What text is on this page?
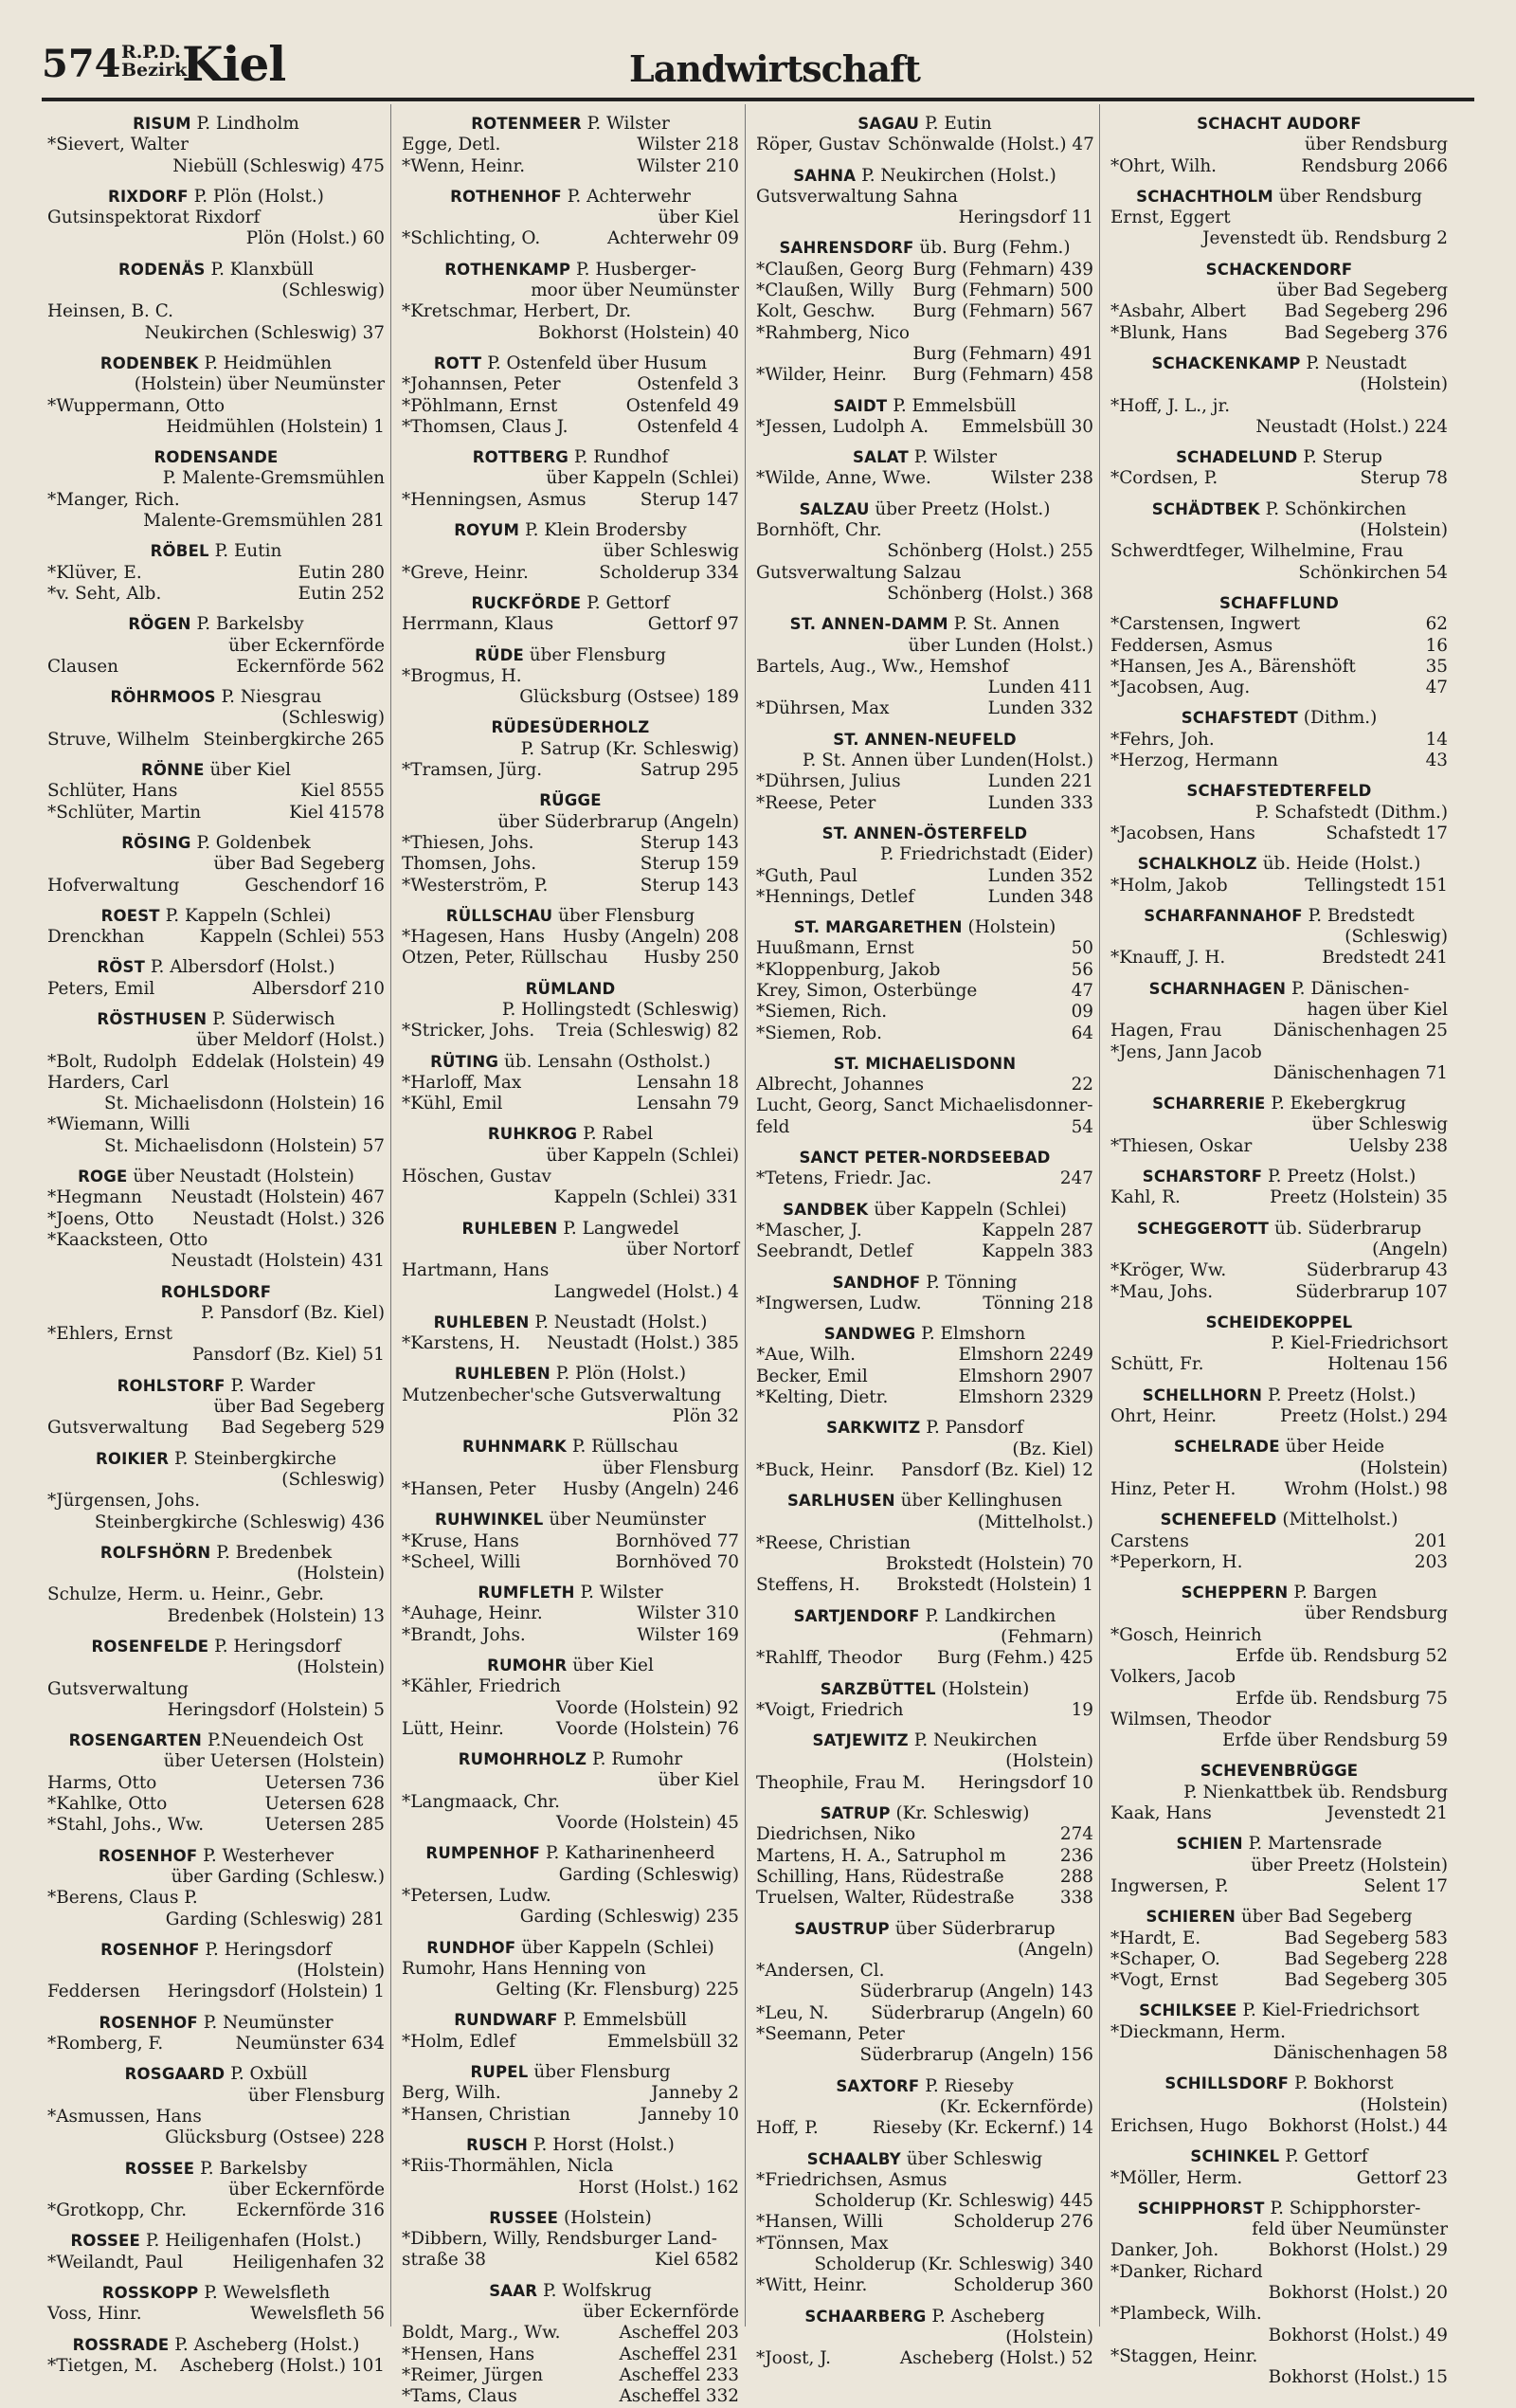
574 R.P.D.
Bezirk
Kiel	Landwirtschaft
RISUM P. Lindholm
*Sievert, Walter
Niebüll (Schleswig) 475
RIXDORF P. Plön (Holst.)
Gutsinspektorat Rixdorf
Plön (Holst.) 60
RODENÄS P. Klanxbüll
(Schleswig)
Heinsen, B. C.
Neukirchen (Schleswig) 37
RODENBEK P. Heidmühlen
(Holstein) über Neumünster
*Wuppermann, Otto
Heidmühlen (Holstein) 1
RODENSANDE
P. Malente-Gremsmühlen
*Manger, Rich.
Malente-Gremsmühlen 281
RÖBEL P. Eutin
*Klüver, E.	Eutin 280
*v. Seht, Alb.	Eutin 252
RÖGEN P. Barkelsby
über Eckernförde
Clausen	Eckernförde 562
RÖHRMOOS P. Niesgrau
(Schleswig)
Struve, Wilhelm Steinbergkirche 265
RÖNNE über Kiel
Schlüter, Hans	Kiel 8555
*Schlüter, Martin	Kiel 41578
RÖSING P. Goldenbek
über Bad Segeberg
Hofverwaltung	Geschendorf 16
ROEST P. Kappeln (Schlei)
Drenckhan	Kappeln (Schlei) 553
RÖST P. Albersdorf (Holst.)
Peters, Emil	Albersdorf 210
RÖSTHUSEN P. Süderwisch
über Meldorf (Holst.)
*Bolt, Rudolph Eddelak (Holstein) 49
Harders, Carl
St. Michaelisdonn (Holstein) 16
*Wiemann, Willi
St. Michaelisdonn (Holstein) 57
ROGE über Neustadt (Holstein)
*Hegmann	Neustadt (Holstein) 467
*Joens, Otto	Neustadt (Holst.) 326
*Kaacksteen, Otto
Neustadt (Holstein) 431
ROHLSDORF
P. Pansdorf (Bz. Kiel)
*Ehlers, Ernst
Pansdorf (Bz. Kiel) 51
ROHLSTORF P. Warder
über Bad Segeberg
Gutsverwaltung	Bad Segeberg 529
ROIKIER P. Steinbergkirche
(Schleswig)
*Jürgensen, Johs.
Steinbergkirche (Schleswig) 436
ROLFSHÖRN P. Bredenbek
(Holstein)
Schulze, Herm. u. Heinr., Gebr.
Bredenbek (Holstein) 13
ROSENFELDE P. Heringsdorf
(Holstein)
Gutsverwaltung
Heringsdorf (Holstein) 5
ROSENGARTEN P.Neuendeich Ost
über Uetersen (Holstein)
Harms, Otto	Uetersen 736
*Kahlke, Otto	Uetersen 628
*Stahl, Johs., Ww.	Uetersen 285
ROSENHOF P. Westerhever
über Garding (Schlesw.)
*Berens, Claus P.
Garding (Schleswig) 281
ROSENHOF P. Heringsdorf
(Holstein)
Feddersen	Heringsdorf (Holstein) 1
ROSENHOF P. Neumünster
*Romberg, F.	Neumünster 634
ROSGAARD P. Oxbüll
über Flensburg
*Asmussen, Hans
Glücksburg (Ostsee) 228
ROSSEE P. Barkelsby
über Eckernförde
*Grotkopp, Chr.	Eckernförde 316
ROSSEE P. Heiligenhafen (Holst.)
*Weilandt, Paul	Heiligenhafen 32
ROSSKOPP P. Wewelsfleth
Voss, Hinr.	Wewelsfleth 56
ROSSRADE P. Ascheberg (Holst.)
*Tietgen, M.	Ascheberg (Holst.) 101
ROTENMEER P. Wilster
Egge, Detl.	Wilster 218
*Wenn, Heinr.	Wilster 210
ROTHENHOF P. Achterwehr
über Kiel
*Schlichting, O.	Achterwehr 09
ROTHENKAMP P. Husberger-
moor über Neumünster
*Kretschmar, Herbert, Dr.
Bokhorst (Holstein) 40
ROTT P. Ostenfeld über Husum
*Johannsen, Peter	Ostenfeld 3
*Pöhlmann, Ernst	Ostenfeld 49
*Thomsen, Claus J.	Ostenfeld 4
ROTTBERG P. Rundhof
über Kappeln (Schlei)
*Henningsen, Asmus	Sterup 147
ROYUM P. Klein Brodersby
über Schleswig
*Greve, Heinr.	Scholderup 334
RUCKFÖRDE P. Gettorf
Herrmann, Klaus	Gettorf 97
RÜDE über Flensburg
*Brogmus, H.
Glücksburg (Ostsee) 189
RÜDESÜDERHOLZ
P. Satrup (Kr. Schleswig)
*Tramsen, Jürg.	Satrup 295
RÜGGE
über Süderbrarup (Angeln)
*Thiesen, Johs.	Sterup 143
Thomsen, Johs.	Sterup 159
*Westerström, P.	Sterup 143
RÜLLSCHAU über Flensburg
*Hagesen, Hans	Husby (Angeln) 208
Otzen, Peter, Rüllschau	Husby 250
RÜMLAND
P. Hollingstedt (Schleswig)
*Stricker, Johs.	Treia (Schleswig) 82
RÜTING üb. Lensahn (Ostholst.)
*Harloff, Max	Lensahn 18
*Kühl, Emil	Lensahn 79
RUHKROG P. Rabel
über Kappeln (Schlei)
Höschen, Gustav
Kappeln (Schlei) 331
RUHLEBEN P. Langwedel
über Nortorf
Hartmann, Hans
Langwedel (Holst.) 4
RUHLEBEN P. Neustadt (Holst.)
*Karstens, H.	Neustadt (Holst.) 385
RUHLEBEN P. Plön (Holst.)
Mutzenbecher'sche Gutsverwaltung
Plön 32
RUHNMARK P. Rüllschau
über Flensburg
*Hansen, Peter	Husby (Angeln) 246
RUHWINKEL über Neumünster
*Kruse, Hans	Bornhöved 77
*Scheel, Willi	Bornhöved 70
RUMFLETH P. Wilster
*Auhage, Heinr.	Wilster 310
*Brandt, Johs.	Wilster 169
RUMOHR über Kiel
*Kähler, Friedrich
Voorde (Holstein) 92
Lütt, Heinr.	Voorde (Holstein) 76
RUMOHRHOLZ P. Rumohr
über Kiel
*Langmaack, Chr.
Voorde (Holstein) 45
RUMPENHOF P. Katharinenheerd
Garding (Schleswig)
*Petersen, Ludw.
Garding (Schleswig) 235
RUNDHOF über Kappeln (Schlei)
Rumohr, Hans Henning von
Gelting (Kr. Flensburg) 225
RUNDWARF P. Emmelsbüll
*Holm, Edlef	Emmelsbüll 32
RUPEL über Flensburg
Berg, Wilh.	Janneby 2
*Hansen, Christian	Janneby 10
RUSCH P. Horst (Holst.)
*Riis-Thormählen, Nicla
Horst (Holst.) 162
RUSSEE (Holstein)
*Dibbern, Willy, Rendsburger Land-
straße 38	Kiel 6582
SAAR P. Wolfskrug
über Eckernförde
Boldt, Marg., Ww.	Ascheffel 203
*Hensen, Hans	Ascheffel 231
*Reimer, Jürgen	Ascheffel 233
*Tams, Claus	Ascheffel 332
SAGAU P. Eutin
Röper, Gustav Schönwalde (Holst.) 47
SAHNA P. Neukirchen (Holst.)
Gutsverwaltung Sahna
Heringsdorf 11
SAHRENSDORF üb. Burg (Fehm.)
*Claußen, Georg Burg (Fehmarn) 439
*Claußen, Willy	Burg (Fehmarn) 500
Kolt, Geschw.	Burg (Fehmarn) 567
*Rahmberg, Nico
Burg (Fehmarn) 491
*Wilder, Heinr.	Burg (Fehmarn) 458
SAIDT P. Emmelsbüll
*Jessen, Ludolph A.	Emmelsbüll 30
SALAT P. Wilster
*Wilde, Anne, Wwe.	Wilster 238
SALZAU über Preetz (Holst.)
Bornhöft, Chr.
Schönberg (Holst.) 255
Gutsverwaltung Salzau
Schönberg (Holst.) 368
ST. ANNEN-DAMM P. St. Annen
über Lunden (Holst.)
Bartels, Aug., Ww., Hemshof
Lunden 411
*Dührsen, Max	Lunden 332
ST. ANNEN-NEUFELD
P. St. Annen über Lunden(Holst.)
*Dührsen, Julius	Lunden 221
*Reese, Peter	Lunden 333
ST. ANNEN-ÖSTERFELD
P. Friedrichstadt (Eider)
*Guth, Paul	Lunden 352
*Hennings, Detlef	Lunden 348
ST. MARGARETHEN (Holstein)
Huußmann, Ernst	50
*Kloppenburg, Jakob	56
Krey, Simon, Osterbünge	47
*Siemen, Rich.	09
*Siemen, Rob.	64
ST. MICHAELISDONN
Albrecht, Johannes	22
Lucht, Georg, Sanct Michaelisdonner-
feld	54
SANCT PETER-NORDSEEBAD
*Tetens, Friedr. Jac.	247
SANDBEK über Kappeln (Schlei)
*Mascher, J.	Kappeln 287
Seebrandt, Detlef	Kappeln 383
SANDHOF P. Tönning
*Ingwersen, Ludw.	Tönning 218
SANDWEG P. Elmshorn
*Aue, Wilh.	Elmshorn 2249
Becker, Emil	Elmshorn 2907
*Kelting, Dietr.	Elmshorn 2329
SARKWITZ P. Pansdorf
(Bz. Kiel)
*Buck, Heinr.	Pansdorf (Bz. Kiel) 12
SARLHUSEN über Kellinghusen
(Mittelholst.)
*Reese, Christian
Brokstedt (Holstein) 70
Steffens, H.	Brokstedt (Holstein) 1
SARTJENDORF P. Landkirchen
(Fehmarn)
*Rahlff, Theodor	Burg (Fehm.) 425
SARZBÜTTEL (Holstein)
*Voigt, Friedrich	19
SATJEWITZ P. Neukirchen
(Holstein)
Theophile, Frau M.	Heringsdorf 10
SATRUP (Kr. Schleswig)
Diedrichsen, Niko	274
Martens, H. A., Satruphol m	236
Schilling, Hans, Rüdestraße	288
Truelsen, Walter, Rüdestraße	338
SAUSTRUP über Süderbrarup
(Angeln)
*Andersen, Cl.
Süderbrarup (Angeln) 143
*Leu, N.	Süderbrarup (Angeln) 60
*Seemann, Peter
Süderbrarup (Angeln) 156
SAXTORF P. Rieseby
(Kr. Eckernförde)
Hoff, P.	Rieseby (Kr. Eckernf.) 14
SCHAALBY über Schleswig
*Friedrichsen, Asmus
Scholderup (Kr. Schleswig) 445
*Hansen, Willi	Scholderup 276
*Tönnsen, Max
Scholderup (Kr. Schleswig) 340
*Witt, Heinr.	Scholderup 360
SCHAARBERG P. Ascheberg
(Holstein)
*Joost, J.	Ascheberg (Holst.) 52
SCHACHT AUDORF
über Rendsburg
*Ohrt, Wilh.	Rendsburg 2066
SCHACHTHOLM über Rendsburg
Ernst, Eggert
Jevenstedt üb. Rendsburg 2
SCHACKENDORF
über Bad Segeberg
*Asbahr, Albert	Bad Segeberg 296
*Blunk, Hans	Bad Segeberg 376
SCHACKENKAMP P. Neustadt
(Holstein)
*Hoff, J. L., jr.
Neustadt (Holst.) 224
SCHADELUND P. Sterup
*Cordsen, P.	Sterup 78
SCHÄDTBEK P. Schönkirchen
(Holstein)
Schwerdtfeger, Wilhelmine, Frau
Schönkirchen 54
SCHAFFLUND
*Carstensen, Ingwert	62
Feddersen, Asmus	16
*Hansen, Jes A., Bärenshöft	35
*Jacobsen, Aug.	47
SCHAFSTEDT (Dithm.)
*Fehrs, Joh.	14
*Herzog, Hermann	43
SCHAFSTEDTERFELD
P. Schafstedt (Dithm.)
*Jacobsen, Hans	Schafstedt 17
SCHALKHOLZ üb. Heide (Holst.)
*Holm, Jakob	Tellingstedt 151
SCHARFANNAHOF P. Bredstedt
(Schleswig)
*Knauff, J. H.	Bredstedt 241
SCHARNHAGEN P. Dänischen-
hagen über Kiel
Hagen, Frau	Dänischenhagen 25
*Jens, Jann Jacob
Dänischenhagen 71
SCHARRERIE P. Ekebergkrug
über Schleswig
*Thiesen, Oskar	Uelsby 238
SCHARSTORF P. Preetz (Holst.)
Kahl, R.	Preetz (Holstein) 35
SCHEGGEROTT üb. Süderbrarup
(Angeln)
*Kröger, Ww.	Süderbrarup 43
*Mau, Johs.	Süderbrarup 107
SCHEIDEKOPPEL
P. Kiel-Friedrichsort
Schütt, Fr.	Holtenau 156
SCHELLHORN P. Preetz (Holst.)
Ohrt, Heinr.	Preetz (Holst.) 294
SCHELRADE über Heide
(Holstein)
Hinz, Peter H.	Wrohm (Holst.) 98
SCHENEFELD (Mittelholst.)
Carstens	201
*Peperkorn, H.	203
SCHEPPERN P. Bargen
über Rendsburg
*Gosch, Heinrich
Erfde üb. Rendsburg 52
Volkers, Jacob
Erfde üb. Rendsburg 75
Wilmsen, Theodor
Erfde über Rendsburg 59
SCHEVENBRÜGGE
P. Nienkattbek üb. Rendsburg
Kaak, Hans	Jevenstedt 21
SCHIEN P. Martensrade
über Preetz (Holstein)
Ingwersen, P.	Selent 17
SCHIEREN über Bad Segeberg
*Hardt, E.	Bad Segeberg 583
*Schaper, O.	Bad Segeberg 228
*Vogt, Ernst	Bad Segeberg 305
SCHILKSEE P. Kiel-Friedrichsort
*Dieckmann, Herm.
Dänischenhagen 58
SCHILLSDORF P. Bokhorst
(Holstein)
Erichsen, Hugo	Bokhorst (Holst.) 44
SCHINKEL P. Gettorf
*Möller, Herm.	Gettorf 23
SCHIPPHORST P. Schipphorster-
feld über Neumünster
Danker, Joh.	Bokhorst (Holst.) 29
*Danker, Richard
Bokhorst (Holst.) 20
*Plambeck, Wilh.
Bokhorst (Holst.) 49
*Staggen, Heinr.
Bokhorst (Holst.) 15
